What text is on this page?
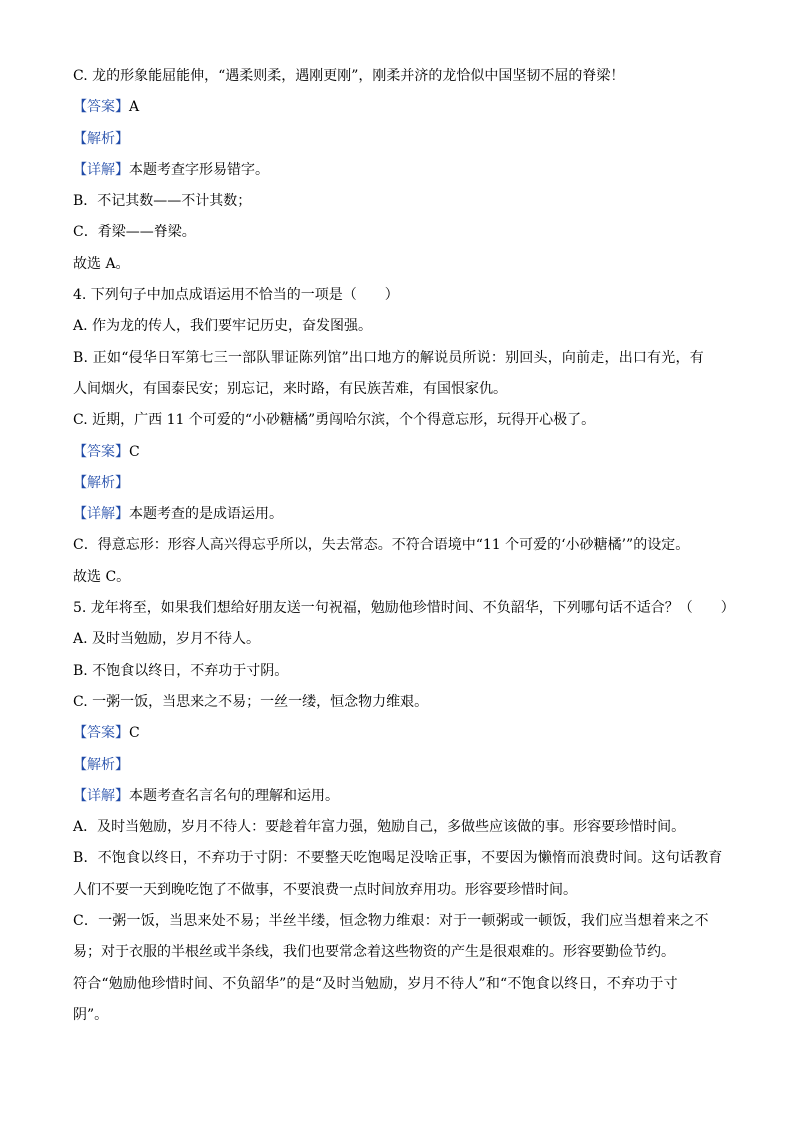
C. 龙的形象能屈能伸，“遇柔则柔，遇刚更刚”，刚柔并济的龙恰似中国坚韧不屈的脊梁！
【答案】A
【解析】
【详解】本题考查字形易错字。
B．不记其数——不计其数；
C．肴梁——脊梁。
故选 A。
4. 下列句子中加点成语运用不恰当的一项是（　　）
A. 作为龙的传人，我们要牢记历史，奋发图强。
B. 正如“侵华日军第七三一部队罪证陈列馆”出口地方的解说员所说：别回头，向前走，出口有光，有
人间烟火，有国泰民安；别忘记，来时路，有民族苦难，有国恨家仇。
C. 近期，广西 11 个可爱的“小砂糖橘”勇闯哈尔滨，个个得意忘形，玩得开心极了。
【答案】C
【解析】
【详解】本题考查的是成语运用。
C．得意忘形：形容人高兴得忘乎所以，失去常态。不符合语境中“11 个可爱的‘小砂糖橘’”的设定。
故选 C。
5. 龙年将至，如果我们想给好朋友送一句祝福，勉励他珍惜时间、不负韶华，下列哪句话不适合？（　　）
A. 及时当勉励，岁月不待人。
B. 不饱食以终日，不弃功于寸阴。
C. 一粥一饭，当思来之不易；一丝一缕，恒念物力维艰。
【答案】C
【解析】
【详解】本题考查名言名句的理解和运用。
A．及时当勉励，岁月不待人：要趁着年富力强，勉励自己，多做些应该做的事。形容要珍惜时间。
B．不饱食以终日，不弃功于寸阴：不要整天吃饱喝足没啥正事，不要因为懒惰而浪费时间。这句话教育
人们不要一天到晚吃饱了不做事，不要浪费一点时间放弃用功。形容要珍惜时间。
C．一粥一饭，当思来处不易；半丝半缕，恒念物力维艰：对于一顿粥或一顿饭，我们应当想着来之不
易；对于衣服的半根丝或半条线，我们也要常念着这些物资的产生是很艰难的。形容要勤俭节约。
符合“勉励他珍惜时间、不负韶华”的是“及时当勉励，岁月不待人”和“不饱食以终日，不弃功于寸
阴”。
